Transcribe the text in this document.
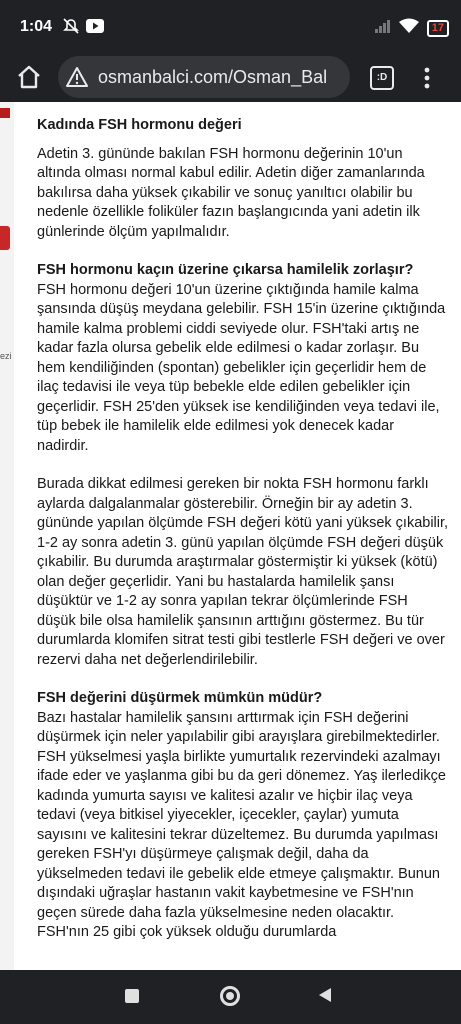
1:04	17
osmanbalci.com/Osman_Bal	:D
ezi
Kadında FSH hormonu değeri

Adetin 3. gününde bakılan FSH hormonu değerinin 10'un altında olması normal kabul edilir. Adetin diğer zamanlarında bakılırsa daha yüksek çıkabilir ve sonuç yanıltıcı olabilir bu nedenle özellikle foliküler fazın başlangıcında yani adetin ilk günlerinde ölçüm yapılmalıdır.

FSH hormonu kaçın üzerine çıkarsa hamilelik zorlaşır?

FSH hormonu değeri 10'un üzerine çıktığında hamile kalma şansında düşüş meydana gelebilir. FSH 15'in üzerine çıktığında hamile kalma problemi ciddi seviyede olur. FSH'taki artış ne kadar fazla olursa gebelik elde edilmesi o kadar zorlaşır. Bu hem kendiliğinden (spontan) gebelikler için geçerlidir hem de ilaç tedavisi ile veya tüp bebekle elde edilen gebelikler için geçerlidir. FSH 25'den yüksek ise kendiliğinden veya tedavi ile, tüp bebek ile hamilelik elde edilmesi yok denecek kadar nadirdir.

Burada dikkat edilmesi gereken bir nokta FSH hormonu farklı aylarda dalgalanmalar gösterebilir. Örneğin bir ay adetin 3. gününde yapılan ölçümde FSH değeri kötü yani yüksek çıkabilir, 1-2 ay sonra adetin 3. günü yapılan ölçümde FSH değeri düşük çıkabilir. Bu durumda araştırmalar göstermiştir ki yüksek (kötü) olan değer geçerlidir. Yani bu hastalarda hamilelik şansı düşüktür ve 1-2 ay sonra yapılan tekrar ölçümlerinde FSH düşük bile olsa hamilelik şansının arttığını göstermez. Bu tür durumlarda klomifen sitrat testi gibi testlerle FSH değeri ve over rezervi daha net değerlendirilebilir.

FSH değerini düşürmek mümkün müdür?

Bazı hastalar hamilelik şansını arttırmak için FSH değerini düşürmek için neler yapılabilir gibi arayışlara girebilmektedirler. FSH yükselmesi yaşla birlikte yumurtalık rezervindeki azalmayı ifade eder ve yaşlanma gibi bu da geri dönemez. Yaş ilerledikçe kadında yumurta sayısı ve kalitesi azalır ve hiçbir ilaç veya tedavi (veya bitkisel yiyecekler, içecekler, çaylar) yumuta sayısını ve kalitesini tekrar düzeltemez. Bu durumda yapılması gereken FSH'yı düşürmeye çalışmak değil, daha da yükselmeden tedavi ile gebelik elde etmeye çalışmaktır. Bunun dışındaki uğraşlar hastanın vakit kaybetmesine ve FSH'nın geçen sürede daha fazla yükselmesine neden olacaktır.

FSH'nın 25 gibi çok yüksek olduğu durumlarda
